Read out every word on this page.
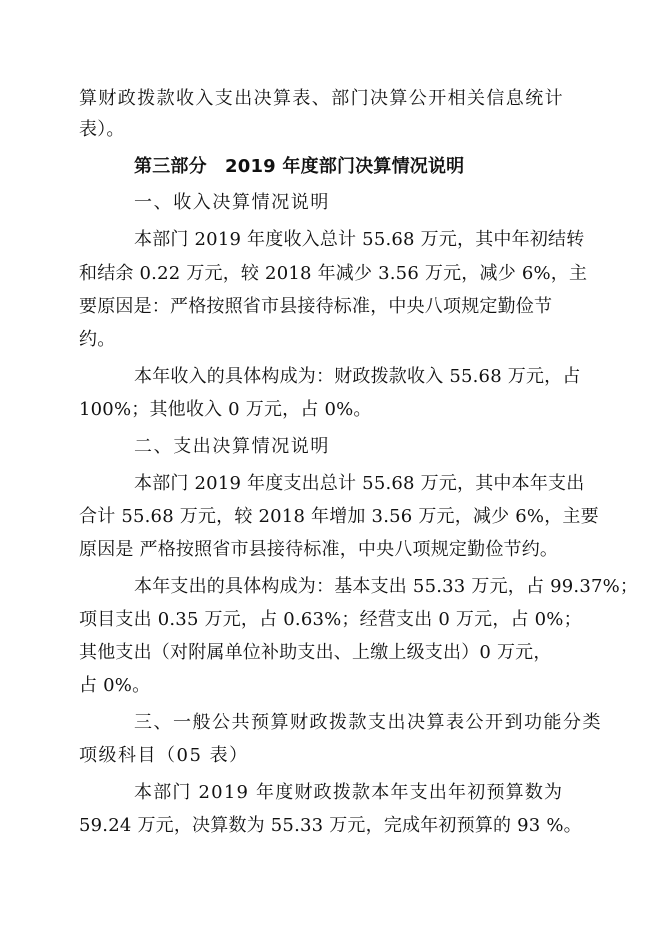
算财政拨款收入支出决算表、部门决算公开相关信息统计
表）。
第三部分　2019 年度部门决算情况说明
一、收入决算情况说明
本部门 2019 年度收入总计 55.68 万元，其中年初结转
和结余 0.22 万元，较 2018 年减少 3.56 万元，减少 6%，主
要原因是：严格按照省市县接待标准，中央八项规定勤俭节
约。
本年收入的具体构成为：财政拨款收入 55.68 万元，占
100%；其他收入 0 万元，占 0%。
二、支出决算情况说明
本部门 2019 年度支出总计 55.68 万元，其中本年支出
合计 55.68 万元，较 2018 年增加 3.56 万元，减少 6%，主要
原因是 严格按照省市县接待标准，中央八项规定勤俭节约。
本年支出的具体构成为：基本支出 55.33 万元，占 99.37%；
项目支出 0.35 万元，占 0.63%；经营支出 0 万元，占 0%；
其他支出（对附属单位补助支出、上缴上级支出）0 万元，
占 0%。
三、一般公共预算财政拨款支出决算表公开到功能分类
项级科目（05 表）
本部门 2019 年度财政拨款本年支出年初预算数为
59.24 万元，决算数为 55.33 万元，完成年初预算的 93 %。
